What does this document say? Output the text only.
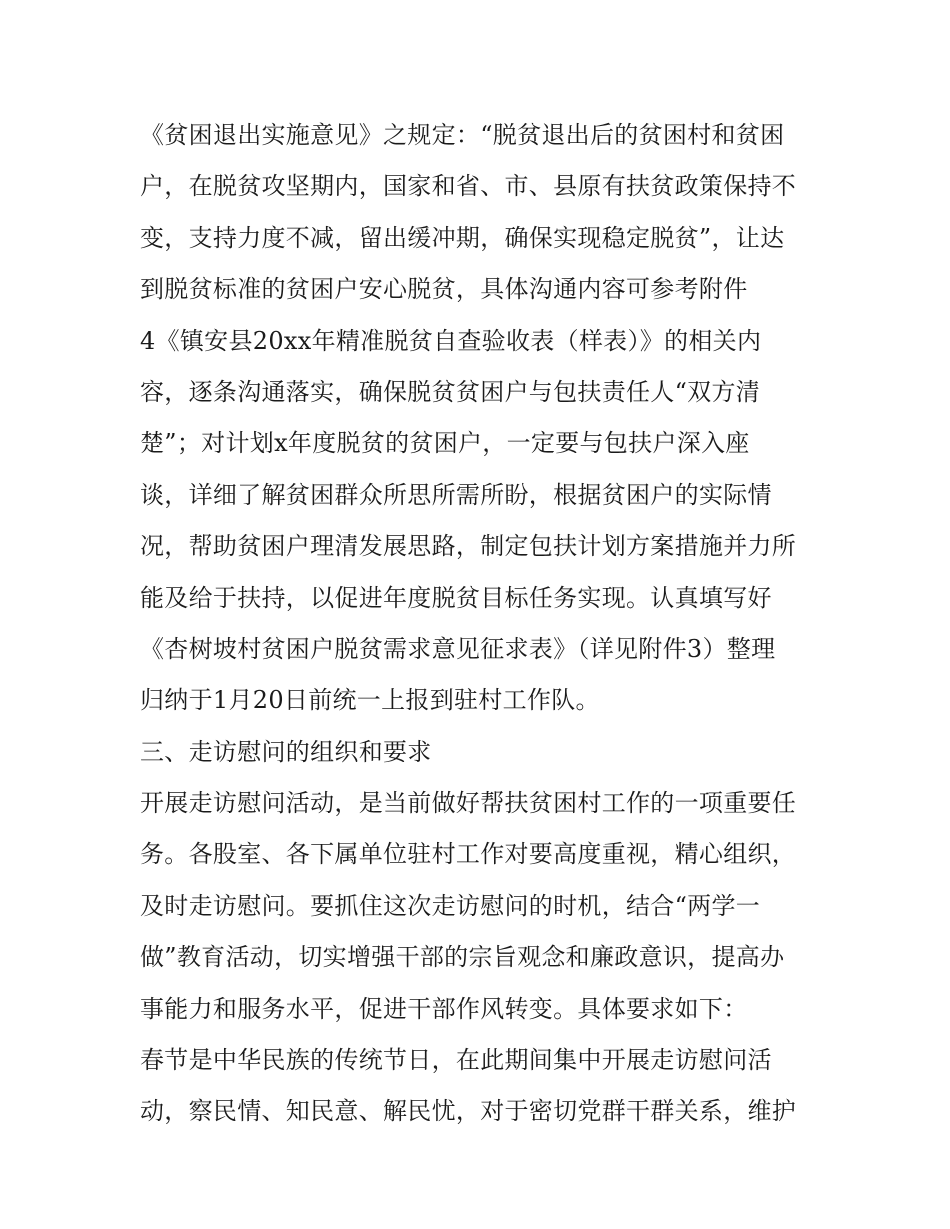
《贫困退出实施意见》之规定：“脱贫退出后的贫困村和贫困
户，在脱贫攻坚期内，国家和省、市、县原有扶贫政策保持不
变，支持力度不减，留出缓冲期，确保实现稳定脱贫”，让达
到脱贫标准的贫困户安心脱贫，具体沟通内容可参考附件
4《镇安县20xx年精准脱贫自查验收表（样表）》的相关内
容，逐条沟通落实，确保脱贫贫困户与包扶责任人“双方清
楚”；对计划x年度脱贫的贫困户，一定要与包扶户深入座
谈，详细了解贫困群众所思所需所盼，根据贫困户的实际情
况，帮助贫困户理清发展思路，制定包扶计划方案措施并力所
能及给于扶持，以促进年度脱贫目标任务实现。认真填写好
《杏树坡村贫困户脱贫需求意见征求表》（详见附件3）整理
归纳于1月20日前统一上报到驻村工作队。
三、走访慰问的组织和要求
开展走访慰问活动，是当前做好帮扶贫困村工作的一项重要任
务。各股室、各下属单位驻村工作对要高度重视，精心组织，
及时走访慰问。要抓住这次走访慰问的时机，结合“两学一
做”教育活动，切实增强干部的宗旨观念和廉政意识，提高办
事能力和服务水平，促进干部作风转变。具体要求如下：
春节是中华民族的传统节日，在此期间集中开展走访慰问活
动，察民情、知民意、解民忧，对于密切党群干群关系，维护
